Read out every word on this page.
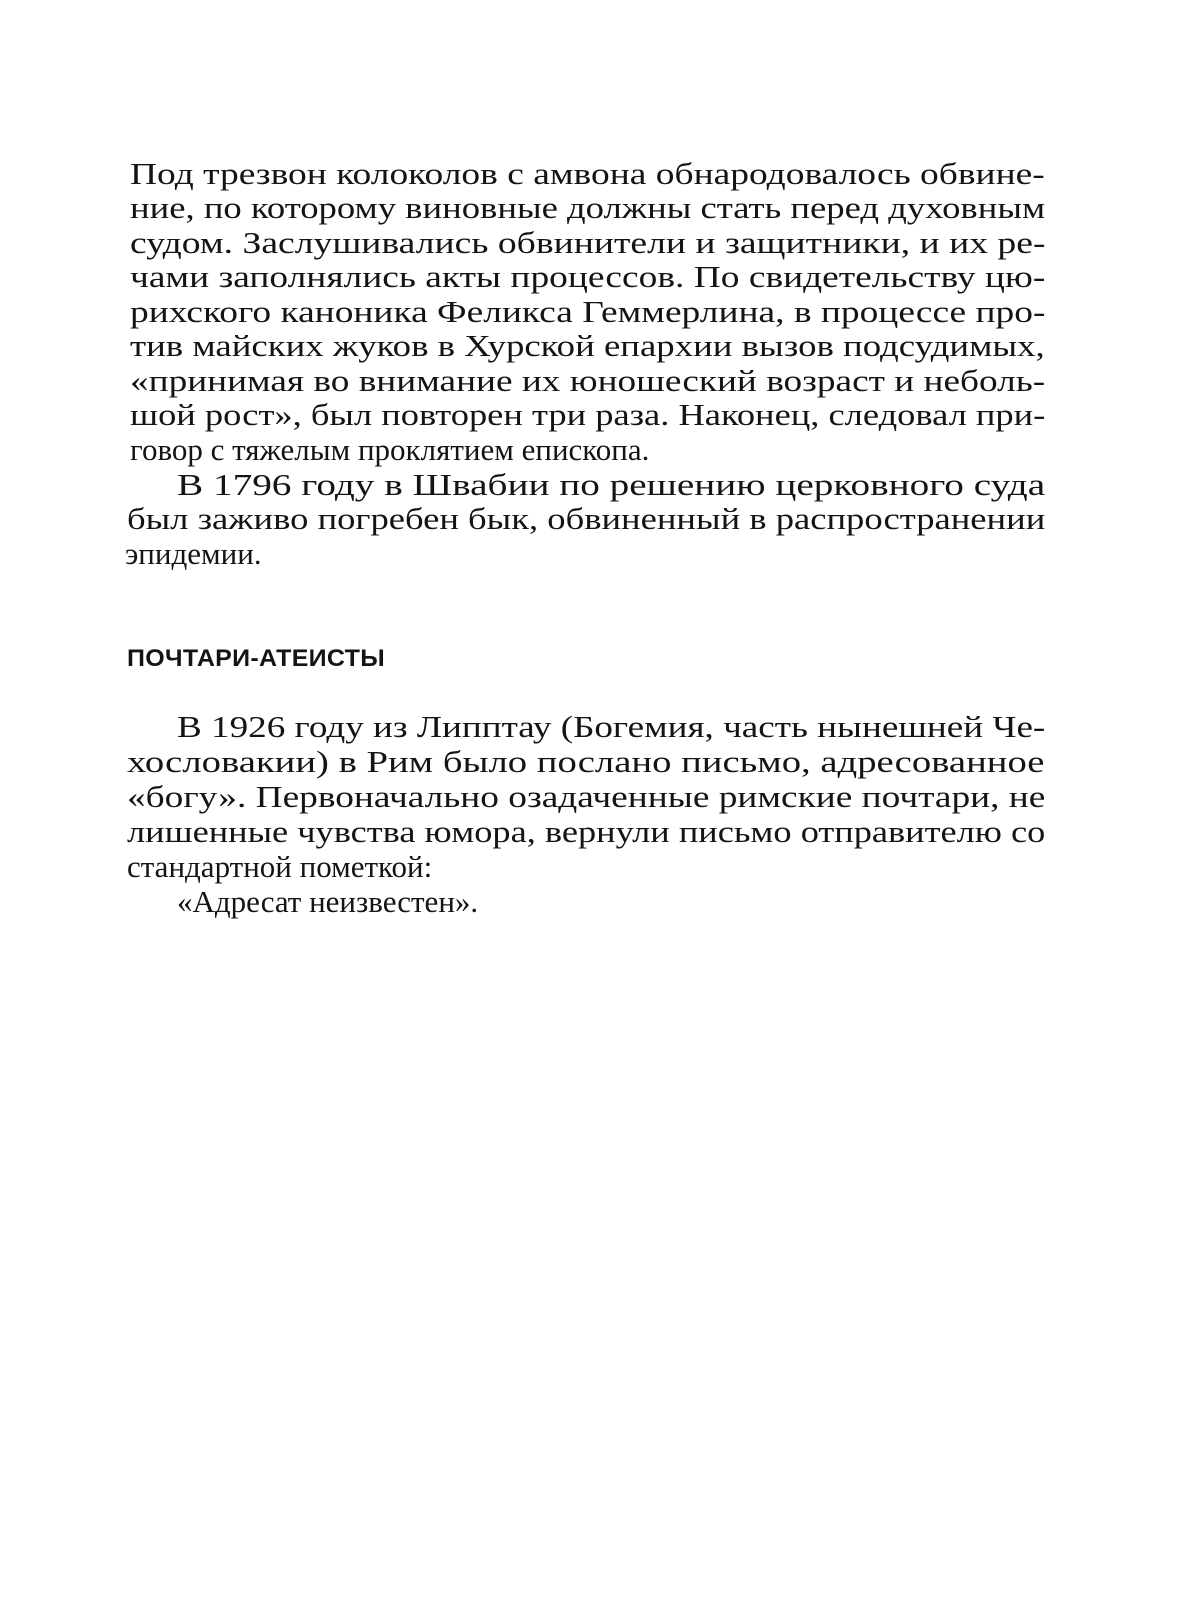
Под трезвон колоколов с амвона обнародовалось обвине-
ние, по которому виновные должны стать перед духовным
судом. Заслушивались обвинители и защитники, и их ре-
чами заполнялись акты процессов. По свидетельству цю-
рихского каноника Феликса Геммерлина, в процессе про-
тив майских жуков в Хурской епархии вызов подсудимых,
«принимая во внимание их юношеский возраст и неболь-
шой рост», был повторен три раза. Наконец, следовал при-
говор с тяжелым проклятием епископа.
В 1796 году в Швабии по решению церковного суда
был заживо погребен бык, обвиненный в распространении
эпидемии.
ПОЧТАРИ-АТЕИСТЫ
В 1926 году из Липптау (Богемия, часть нынешней Че-
хословакии) в Рим было послано письмо, адресованное
«богу». Первоначально озадаченные римские почтари, не
лишенные чувства юмора, вернули письмо отправителю со
стандартной пометкой:
«Адресат неизвестен».
